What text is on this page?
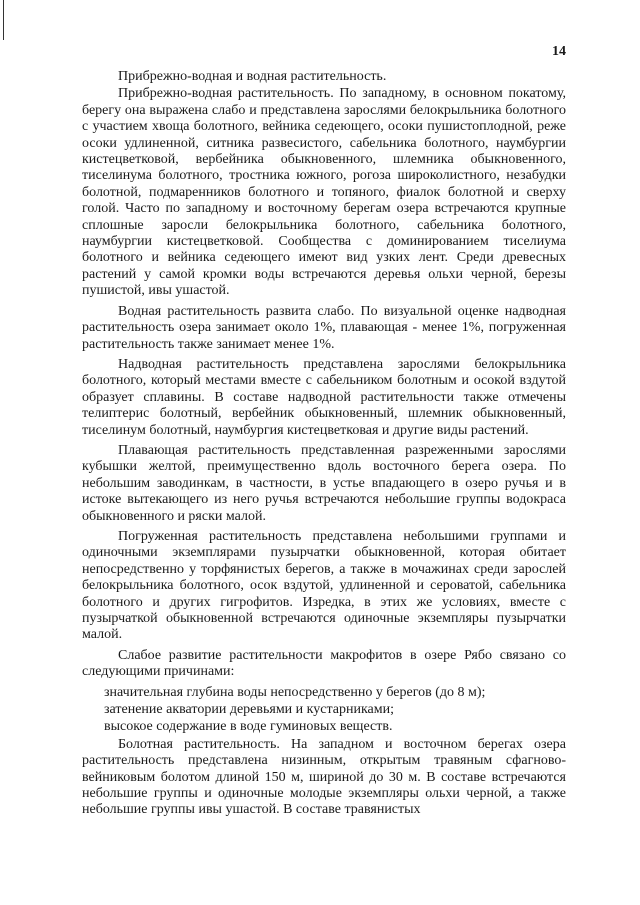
14

Прибрежно-водная и водная растительность.

Прибрежно-водная растительность. По западному, в основном покатому, берегу она выражена слабо и представлена зарослями белокрыльника болотного с участием хвоща болотного, вейника седеющего, осоки пушистоплодной, реже осоки удлиненной, ситника развесистого, сабельника болотного, наумбургии кистецветковой, вербейника обыкновенного, шлемника обыкновенного, тиселинума болотного, тростника южного, рогоза широколистного, незабудки болотной, подмаренников болотного и топяного, фиалок болотной и сверху голой. Часто по западному и восточному берегам озера встречаются крупные сплошные заросли белокрыльника болотного, сабельника болотного, наумбургии кистецветковой. Сообщества с доминированием тиселиума болотного и вейника седеющего имеют вид узких лент. Среди древесных растений у самой кромки воды встречаются деревья ольхи черной, березы пушистой, ивы ушастой.

Водная растительность развита слабо. По визуальной оценке надводная растительность озера занимает около 1%, плавающая - менее 1%, погруженная растительность также занимает менее 1%.

Надводная растительность представлена зарослями белокрыльника болотного, который местами вместе с сабельником болотным и осокой вздутой образует сплавины. В составе надводной растительности также отмечены телиптерис болотный, вербейник обыкновенный, шлемник обыкновенный, тиселинум болотный, наумбургия кистецветковая и другие виды растений.

Плавающая растительность представленная разреженными зарослями кубышки желтой, преимущественно вдоль восточного берега озера. По небольшим заводинкам, в частности, в устье впадающего в озеро ручья и в истоке вытекающего из него ручья встречаются небольшие группы водокраса обыкновенного и ряски малой.

Погруженная растительность представлена небольшими группами и одиночными экземплярами пузырчатки обыкновенной, которая обитает непосредственно у торфянистых берегов, а также в мочажинах среди зарослей белокрыльника болотного, осок вздутой, удлиненной и сероватой, сабельника болотного и других гигрофитов. Изредка, в этих же условиях, вместе с пузырчаткой обыкновенной встречаются одиночные экземпляры пузырчатки малой.

Слабое развитие растительности макрофитов в озере Рябо связано со следующими причинами:

значительная глубина воды непосредственно у берегов (до 8 м);

затенение акватории деревьями и кустарниками;

высокое содержание в воде гуминовых веществ.

Болотная растительность. На западном и восточном берегах озера растительность представлена низинным, открытым травяным сфагново-вейниковым болотом длиной 150 м, шириной до 30 м. В составе встречаются небольшие группы и одиночные молодые экземпляры ольхи черной, а также небольшие группы ивы ушастой. В составе травянистых
